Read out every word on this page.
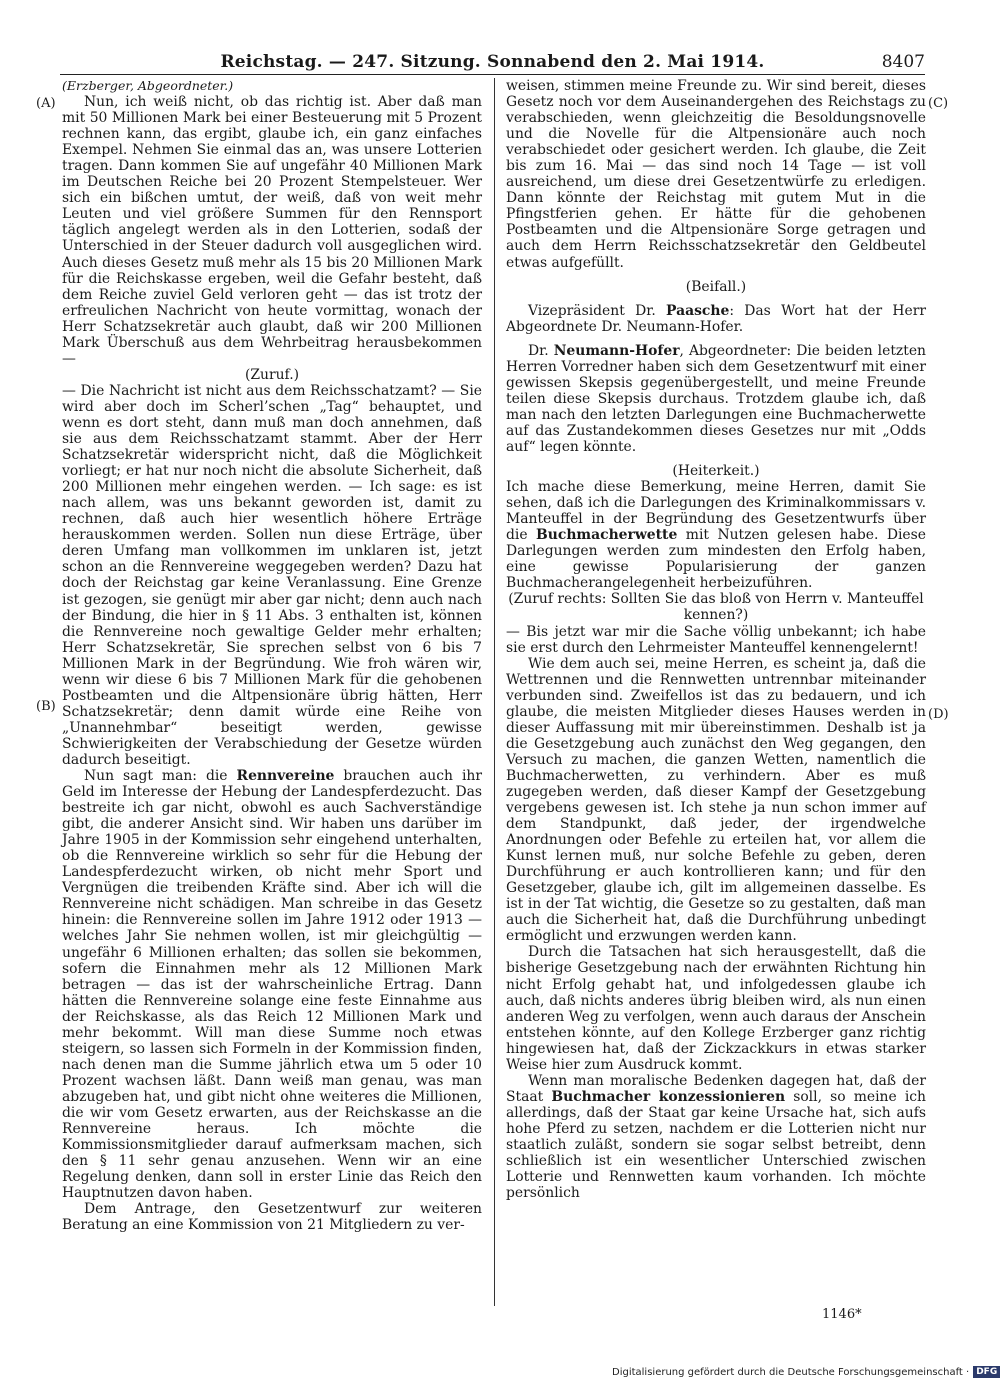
Reichstag. — 247. Sitzung. Sonnabend den 2. Mai 1914.	8407
(A)
(B)
(C)
(D)

(Erzberger, Abgeordneter.)

Nun, ich weiß nicht, ob das richtig ist. Aber daß man mit 50 Millionen Mark bei einer Besteuerung mit 5 Prozent rechnen kann, das ergibt, glaube ich, ein ganz einfaches Exempel. Nehmen Sie einmal das an, was unsere Lotterien tragen. Dann kommen Sie auf ungefähr 40 Millionen Mark im Deutschen Reiche bei 20 Prozent Stempelsteuer. Wer sich ein bißchen umtut, der weiß, daß von weit mehr Leuten und viel größere Summen für den Rennsport täglich angelegt werden als in den Lotterien, sodaß der Unterschied in der Steuer dadurch voll ausgeglichen wird. Auch dieses Gesetz muß mehr als 15 bis 20 Millionen Mark für die Reichskasse ergeben, weil die Gefahr besteht, daß dem Reiche zuviel Geld verloren geht — das ist trotz der erfreulichen Nachricht von heute vormittag, wonach der Herr Schatzsekretär auch glaubt, daß wir 200 Millionen Mark Überschuß aus dem Wehrbeitrag herausbekommen —

(Zuruf.)

— Die Nachricht ist nicht aus dem Reichsschatzamt? — Sie wird aber doch im Scherl’schen „Tag“ behauptet, und wenn es dort steht, dann muß man doch annehmen, daß sie aus dem Reichsschatzamt stammt. Aber der Herr Schatzsekretär widerspricht nicht, daß die Möglichkeit vorliegt; er hat nur noch nicht die absolute Sicherheit, daß 200 Millionen mehr eingehen werden. — Ich sage: es ist nach allem, was uns bekannt geworden ist, damit zu rechnen, daß auch hier wesentlich höhere Erträge herauskommen werden. Sollen nun diese Erträge, über deren Umfang man vollkommen im unklaren ist, jetzt schon an die Rennvereine weggegeben werden? Dazu hat doch der Reichstag gar keine Veranlassung. Eine Grenze ist gezogen, sie genügt mir aber gar nicht; denn auch nach der Bindung, die hier in § 11 Abs. 3 enthalten ist, können die Rennvereine noch gewaltige Gelder mehr erhalten; Herr Schatzsekretär, Sie sprechen selbst von 6 bis 7 Millionen Mark in der Begründung. Wie froh wären wir, wenn wir diese 6 bis 7 Millionen Mark für die gehobenen Postbeamten und die Altpensionäre übrig hätten, Herr Schatzsekretär; denn damit würde eine Reihe von „Unannehmbar“ beseitigt werden, gewisse Schwierigkeiten der Verabschiedung der Gesetze würden dadurch beseitigt.

Nun sagt man: die Rennvereine brauchen auch ihr Geld im Interesse der Hebung der Landespferdezucht. Das bestreite ich gar nicht, obwohl es auch Sachverständige gibt, die anderer Ansicht sind. Wir haben uns darüber im Jahre 1905 in der Kommission sehr eingehend unterhalten, ob die Rennvereine wirklich so sehr für die Hebung der Landespferdezucht wirken, ob nicht mehr Sport und Vergnügen die treibenden Kräfte sind. Aber ich will die Rennvereine nicht schädigen. Man schreibe in das Gesetz hinein: die Rennvereine sollen im Jahre 1912 oder 1913 — welches Jahr Sie nehmen wollen, ist mir gleichgültig — ungefähr 6 Millionen erhalten; das sollen sie bekommen, sofern die Einnahmen mehr als 12 Millionen Mark betragen — das ist der wahrscheinliche Ertrag. Dann hätten die Rennvereine solange eine feste Einnahme aus der Reichskasse, als das Reich 12 Millionen Mark und mehr bekommt. Will man diese Summe noch etwas steigern, so lassen sich Formeln in der Kommission finden, nach denen man die Summe jährlich etwa um 5 oder 10 Prozent wachsen läßt. Dann weiß man genau, was man abzugeben hat, und gibt nicht ohne weiteres die Millionen, die wir vom Gesetz erwarten, aus der Reichskasse an die Rennvereine heraus. Ich möchte die Kommissionsmitglieder darauf aufmerksam machen, sich den § 11 sehr genau anzusehen. Wenn wir an eine Regelung denken, dann soll in erster Linie das Reich den Hauptnutzen davon haben.

Dem Antrage, den Gesetzentwurf zur weiteren Beratung an eine Kommission von 21 Mitgliedern zu ver-

weisen, stimmen meine Freunde zu. Wir sind bereit, dieses Gesetz noch vor dem Auseinandergehen des Reichstags zu verabschieden, wenn gleichzeitig die Besoldungsnovelle und die Novelle für die Altpensionäre auch noch verabschiedet oder gesichert werden. Ich glaube, die Zeit bis zum 16. Mai — das sind noch 14 Tage — ist voll ausreichend, um diese drei Gesetzentwürfe zu erledigen. Dann könnte der Reichstag mit gutem Mut in die Pfingstferien gehen. Er hätte für die gehobenen Postbeamten und die Altpensionäre Sorge getragen und auch dem Herrn Reichsschatzsekretär den Geldbeutel etwas aufgefüllt.

(Beifall.)

Vizepräsident Dr. Paasche: Das Wort hat der Herr Abgeordnete Dr. Neumann-Hofer.

Dr. Neumann-Hofer, Abgeordneter: Die beiden letzten Herren Vorredner haben sich dem Gesetzentwurf mit einer gewissen Skepsis gegenübergestellt, und meine Freunde teilen diese Skepsis durchaus. Trotzdem glaube ich, daß man nach den letzten Darlegungen eine Buchmacherwette auf das Zustandekommen dieses Gesetzes nur mit „Odds auf“ legen könnte.

(Heiterkeit.)

Ich mache diese Bemerkung, meine Herren, damit Sie sehen, daß ich die Darlegungen des Kriminalkommissars v. Manteuffel in der Begründung des Gesetzentwurfs über die Buchmacherwette mit Nutzen gelesen habe. Diese Darlegungen werden zum mindesten den Erfolg haben, eine gewisse Popularisierung der ganzen Buchmacherangelegenheit herbeizuführen.

(Zuruf rechts: Sollten Sie das bloß von Herrn v. Manteuffel kennen?)

— Bis jetzt war mir die Sache völlig unbekannt; ich habe sie erst durch den Lehrmeister Manteuffel kennengelernt!

Wie dem auch sei, meine Herren, es scheint ja, daß die Wettrennen und die Rennwetten untrennbar miteinander verbunden sind. Zweifellos ist das zu bedauern, und ich glaube, die meisten Mitglieder dieses Hauses werden in dieser Auffassung mit mir übereinstimmen. Deshalb ist ja die Gesetzgebung auch zunächst den Weg gegangen, den Versuch zu machen, die ganzen Wetten, namentlich die Buchmacherwetten, zu verhindern. Aber es muß zugegeben werden, daß dieser Kampf der Gesetzgebung vergebens gewesen ist. Ich stehe ja nun schon immer auf dem Standpunkt, daß jeder, der irgendwelche Anordnungen oder Befehle zu erteilen hat, vor allem die Kunst lernen muß, nur solche Befehle zu geben, deren Durchführung er auch kontrollieren kann; und für den Gesetzgeber, glaube ich, gilt im allgemeinen dasselbe. Es ist in der Tat wichtig, die Gesetze so zu gestalten, daß man auch die Sicherheit hat, daß die Durchführung unbedingt ermöglicht und erzwungen werden kann.

Durch die Tatsachen hat sich herausgestellt, daß die bisherige Gesetzgebung nach der erwähnten Richtung hin nicht Erfolg gehabt hat, und infolgedessen glaube ich auch, daß nichts anderes übrig bleiben wird, als nun einen anderen Weg zu verfolgen, wenn auch daraus der Anschein entstehen könnte, auf den Kollege Erzberger ganz richtig hingewiesen hat, daß der Zickzackkurs in etwas starker Weise hier zum Ausdruck kommt.

Wenn man moralische Bedenken dagegen hat, daß der Staat Buchmacher konzessionieren soll, so meine ich allerdings, daß der Staat gar keine Ursache hat, sich aufs hohe Pferd zu setzen, nachdem er die Lotterien nicht nur staatlich zuläßt, sondern sie sogar selbst betreibt, denn schließlich ist ein wesentlicher Unterschied zwischen Lotterie und Rennwetten kaum vorhanden. Ich möchte persönlich

1146*
Digitalisierung gefördert durch die Deutsche Forschungsgemeinschaft · DFG
